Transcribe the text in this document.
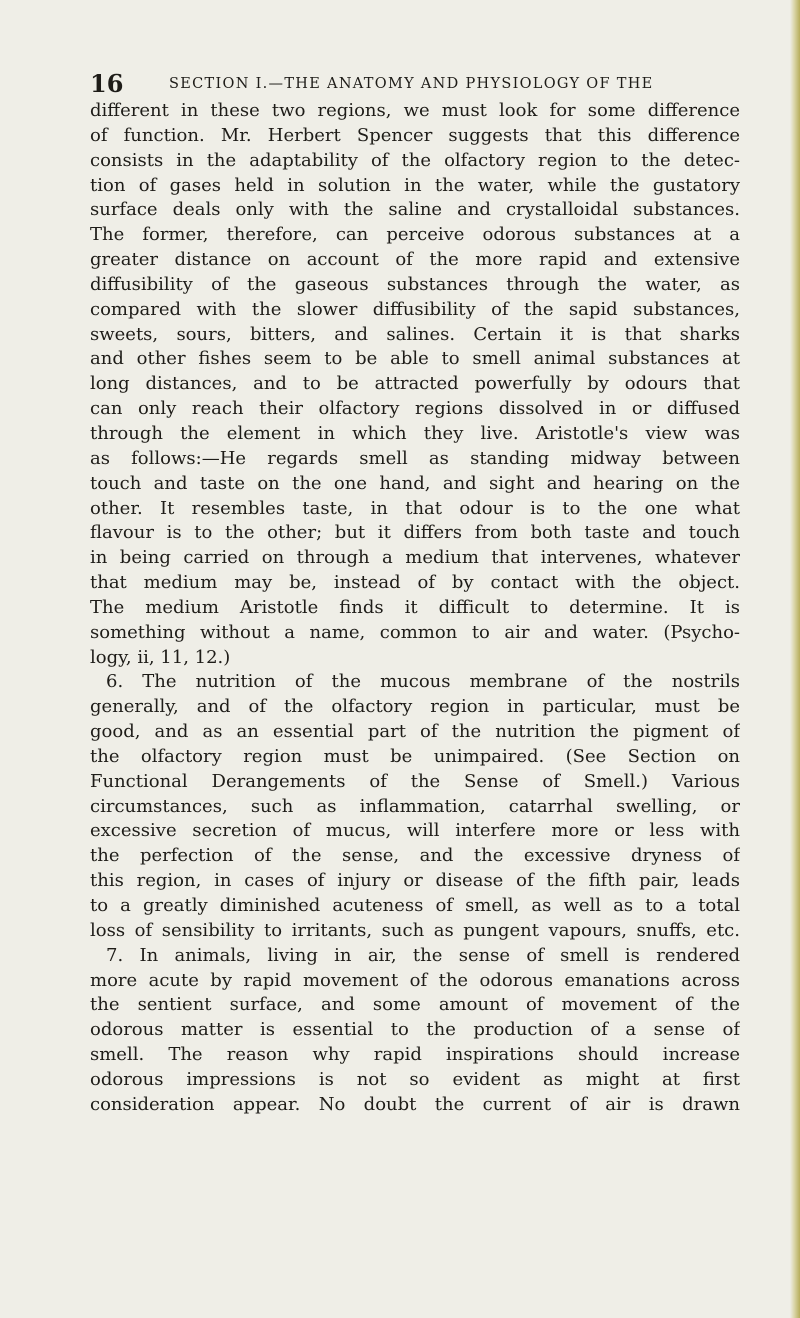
16	SECTION I.—THE ANATOMY AND PHYSIOLOGY OF THE
different in these two regions, we must look for some difference
of function. Mr. Herbert Spencer suggests that this difference
consists in the adaptability of the olfactory region to the detec-
tion of gases held in solution in the water, while the gustatory
surface deals only with the saline and crystalloidal substances.
The former, therefore, can perceive odorous substances at a
greater distance on account of the more rapid and extensive
diffusibility of the gaseous substances through the water, as
compared with the slower diffusibility of the sapid substances,
sweets, sours, bitters, and salines. Certain it is that sharks
and other fishes seem to be able to smell animal substances at
long distances, and to be attracted powerfully by odours that
can only reach their olfactory regions dissolved in or diffused
through the element in which they live. Aristotle's view was
as follows:—He regards smell as standing midway between
touch and taste on the one hand, and sight and hearing on the
other. It resembles taste, in that odour is to the one what
flavour is to the other; but it differs from both taste and touch
in being carried on through a medium that intervenes, whatever
that medium may be, instead of by contact with the object.
The medium Aristotle finds it difficult to determine. It is
something without a name, common to air and water. (Psycho-
logy, ii, 11, 12.)
6. The nutrition of the mucous membrane of the nostrils
generally, and of the olfactory region in particular, must be
good, and as an essential part of the nutrition the pigment of
the olfactory region must be unimpaired. (See Section on
Functional Derangements of the Sense of Smell.) Various
circumstances, such as inflammation, catarrhal swelling, or
excessive secretion of mucus, will interfere more or less with
the perfection of the sense, and the excessive dryness of
this region, in cases of injury or disease of the fifth pair, leads
to a greatly diminished acuteness of smell, as well as to a total
loss of sensibility to irritants, such as pungent vapours, snuffs, etc.
7. In animals, living in air, the sense of smell is rendered
more acute by rapid movement of the odorous emanations across
the sentient surface, and some amount of movement of the
odorous matter is essential to the production of a sense of
smell. The reason why rapid inspirations should increase
odorous impressions is not so evident as might at first
consideration appear. No doubt the current of air is drawn
